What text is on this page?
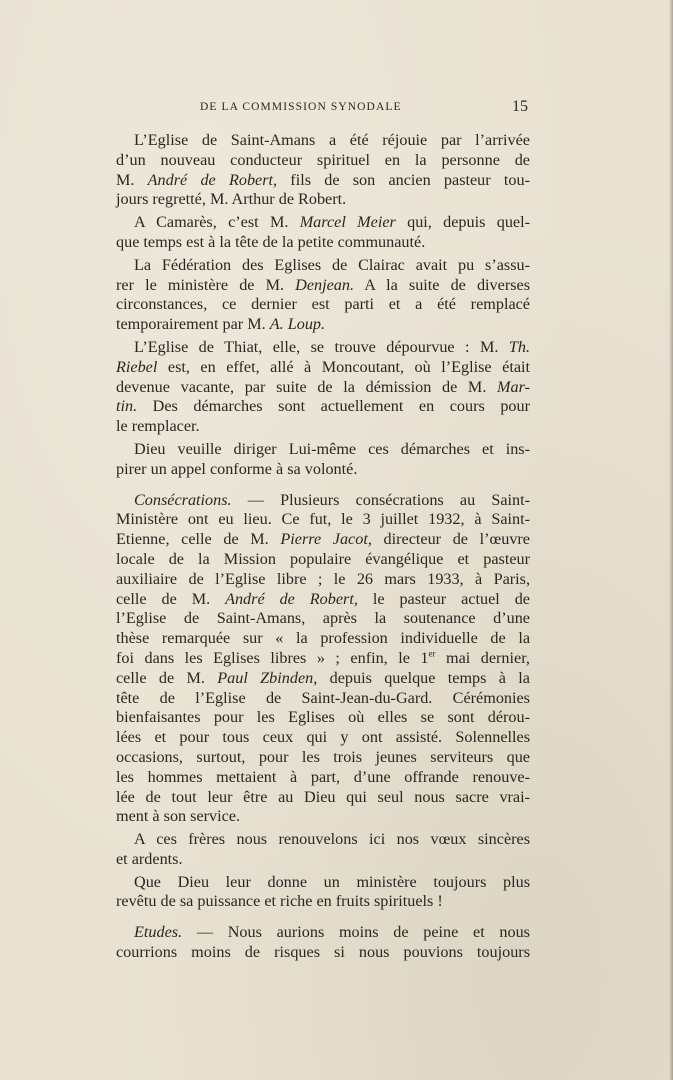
DE LA COMMISSION SYNODALE	15
L’Eglise de Saint-Amans a été réjouie par l’arrivée
d’un nouveau conducteur spirituel en la personne de
M. André de Robert, fils de son ancien pasteur tou-
jours regretté, M. Arthur de Robert.
A Camarès, c’est M. Marcel Meier qui, depuis quel-
que temps est à la tête de la petite communauté.
La Fédération des Eglises de Clairac avait pu s’assu-
rer le ministère de M. Denjean. A la suite de diverses
circonstances, ce dernier est parti et a été remplacé
temporairement par M. A. Loup.
L’Eglise de Thiat, elle, se trouve dépourvue : M. Th.
Riebel est, en effet, allé à Moncoutant, où l’Eglise était
devenue vacante, par suite de la démission de M. Mar-
tin. Des démarches sont actuellement en cours pour
le remplacer.
Dieu veuille diriger Lui-même ces démarches et ins-
pirer un appel conforme à sa volonté.
Consécrations. — Plusieurs consécrations au Saint-
Ministère ont eu lieu. Ce fut, le 3 juillet 1932, à Saint-
Etienne, celle de M. Pierre Jacot, directeur de l’œuvre
locale de la Mission populaire évangélique et pasteur
auxiliaire de l’Eglise libre ; le 26 mars 1933, à Paris,
celle de M. André de Robert, le pasteur actuel de
l’Eglise de Saint-Amans, après la soutenance d’une
thèse remarquée sur « la profession individuelle de la
foi dans les Eglises libres » ; enfin, le 1er mai dernier,
celle de M. Paul Zbinden, depuis quelque temps à la
tête de l’Eglise de Saint-Jean-du-Gard. Cérémonies
bienfaisantes pour les Eglises où elles se sont dérou-
lées et pour tous ceux qui y ont assisté. Solennelles
occasions, surtout, pour les trois jeunes serviteurs que
les hommes mettaient à part, d’une offrande renouve-
lée de tout leur être au Dieu qui seul nous sacre vrai-
ment à son service.
A ces frères nous renouvelons ici nos vœux sincères
et ardents.
Que Dieu leur donne un ministère toujours plus
revêtu de sa puissance et riche en fruits spirituels !
Etudes. — Nous aurions moins de peine et nous
courrions moins de risques si nous pouvions toujours
